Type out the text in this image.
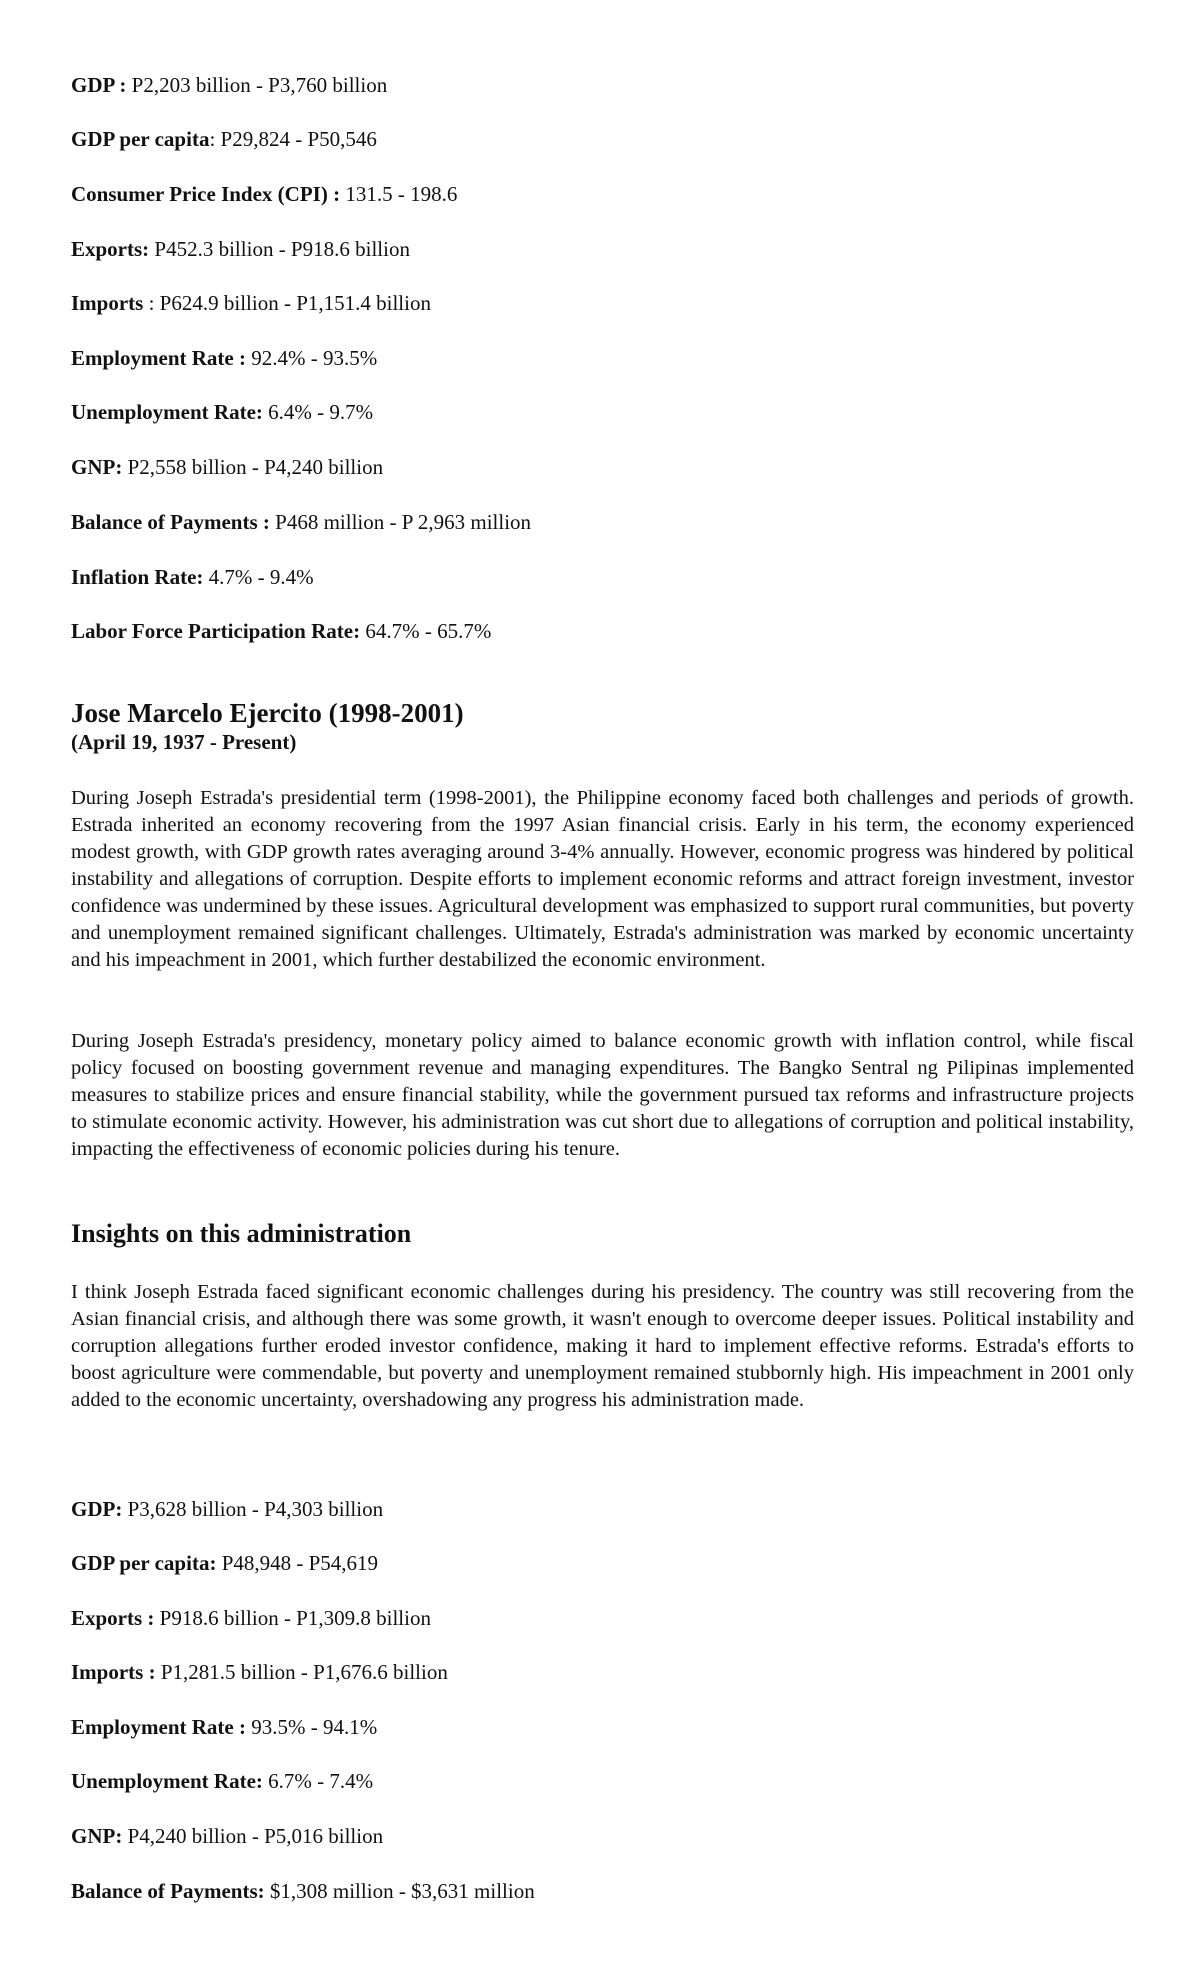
GDP : P2,203 billion - P3,760 billion
GDP per capita: P29,824 - P50,546
Consumer Price Index (CPI) : 131.5 - 198.6
Exports: P452.3 billion - P918.6 billion
Imports : P624.9 billion - P1,151.4 billion
Employment Rate : 92.4% - 93.5%
Unemployment Rate: 6.4% - 9.7%
GNP: P2,558 billion - P4,240 billion
Balance of Payments : P468 million - P 2,963 million
Inflation Rate: 4.7% - 9.4%
Labor Force Participation Rate: 64.7% - 65.7%
Jose Marcelo Ejercito (1998-2001)
(April 19, 1937 - Present)

During Joseph Estrada's presidential term (1998-2001), the Philippine economy faced both challenges and periods of growth. Estrada inherited an economy recovering from the 1997 Asian financial crisis. Early in his term, the economy experienced modest growth, with GDP growth rates averaging around 3-4% annually. However, economic progress was hindered by political instability and allegations of corruption. Despite efforts to implement economic reforms and attract foreign investment, investor confidence was undermined by these issues. Agricultural development was emphasized to support rural communities, but poverty and unemployment remained significant challenges. Ultimately, Estrada's administration was marked by economic uncertainty and his impeachment in 2001, which further destabilized the economic environment.

During Joseph Estrada's presidency, monetary policy aimed to balance economic growth with inflation control, while fiscal policy focused on boosting government revenue and managing expenditures. The Bangko Sentral ng Pilipinas implemented measures to stabilize prices and ensure financial stability, while the government pursued tax reforms and infrastructure projects to stimulate economic activity. However, his administration was cut short due to allegations of corruption and political instability, impacting the effectiveness of economic policies during his tenure.

Insights on this administration

I think Joseph Estrada faced significant economic challenges during his presidency. The country was still recovering from the Asian financial crisis, and although there was some growth, it wasn't enough to overcome deeper issues. Political instability and corruption allegations further eroded investor confidence, making it hard to implement effective reforms. Estrada's efforts to boost agriculture were commendable, but poverty and unemployment remained stubbornly high. His impeachment in 2001 only added to the economic uncertainty, overshadowing any progress his administration made.

GDP: P3,628 billion - P4,303 billion
GDP per capita: P48,948 - P54,619
Exports : P918.6 billion - P1,309.8 billion
Imports : P1,281.5 billion - P1,676.6 billion
Employment Rate : 93.5% - 94.1%
Unemployment Rate: 6.7% - 7.4%
GNP: P4,240 billion - P5,016 billion
Balance of Payments: $1,308 million - $3,631 million
